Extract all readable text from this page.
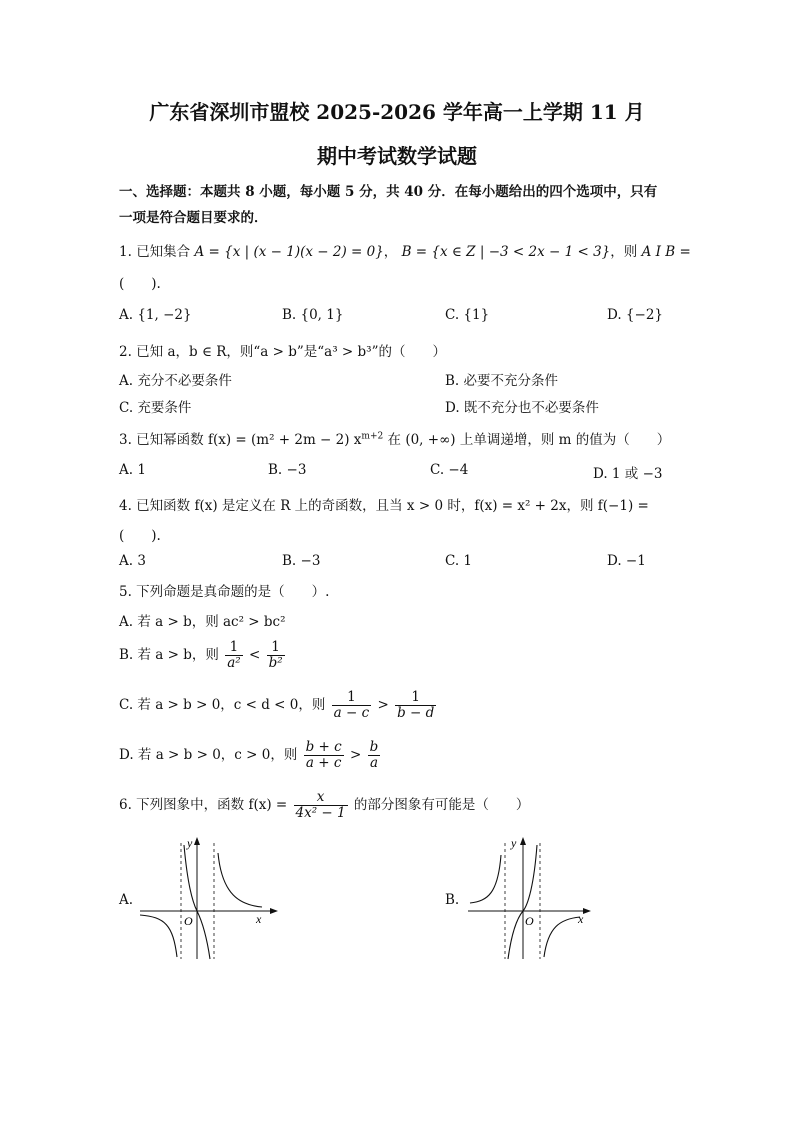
广东省深圳市盟校 2025-2026 学年高一上学期 11 月
期中考试数学试题
一、选择题：本题共 8 小题，每小题 5 分，共 40 分．在每小题给出的四个选项中，只有
一项是符合题目要求的．
1. 已知集合 A = {x | (x − 1)(x − 2) = 0}， B = {x ∈ Z | −3 < 2x − 1 < 3}，则 A I B =
(　　).
A. {1, −2}	B. {0, 1}	C. {1}	D. {−2}
2. 已知 a，b ∈ R，则“a > b”是“a³ > b³”的（　　）
A. 充分不必要条件	B. 必要不充分条件
C. 充要条件	D. 既不充分也不必要条件
3. 已知幂函数 f(x) = (m² + 2m − 2) $x^{m+2}$ 在 (0, +∞) 上单调递增，则 m 的值为（　　）
A. 1	B. −3	C. −4	D. 1 或 −3
4. 已知函数 f(x) 是定义在 R 上的奇函数，且当 x > 0 时，f(x) = x² + 2x，则 f(−1) =
(　　).
A. 3	B. −3	C. 1	D. −1
5. 下列命题是真命题的是（　　）.
A. 若 a > b，则 ac² > bc²
B. 若 a > b，则 $\frac{1}{\text{a²}} < \frac{1}{\text{b²}}$
C. 若 a > b > 0，c < d < 0，则 $\frac{1}{a - c} > \frac{1}{b - d}$
D. 若 a > b > 0，c > 0，则 $\frac{b + c}{a + c} > \frac{b}{a}$
6. 下列图象中，函数 $f(x) = \frac{x}{\text{4x² − 1}}$ 的部分图象有可能是（　　）
A.	B.
y
x
O
y
x
O
